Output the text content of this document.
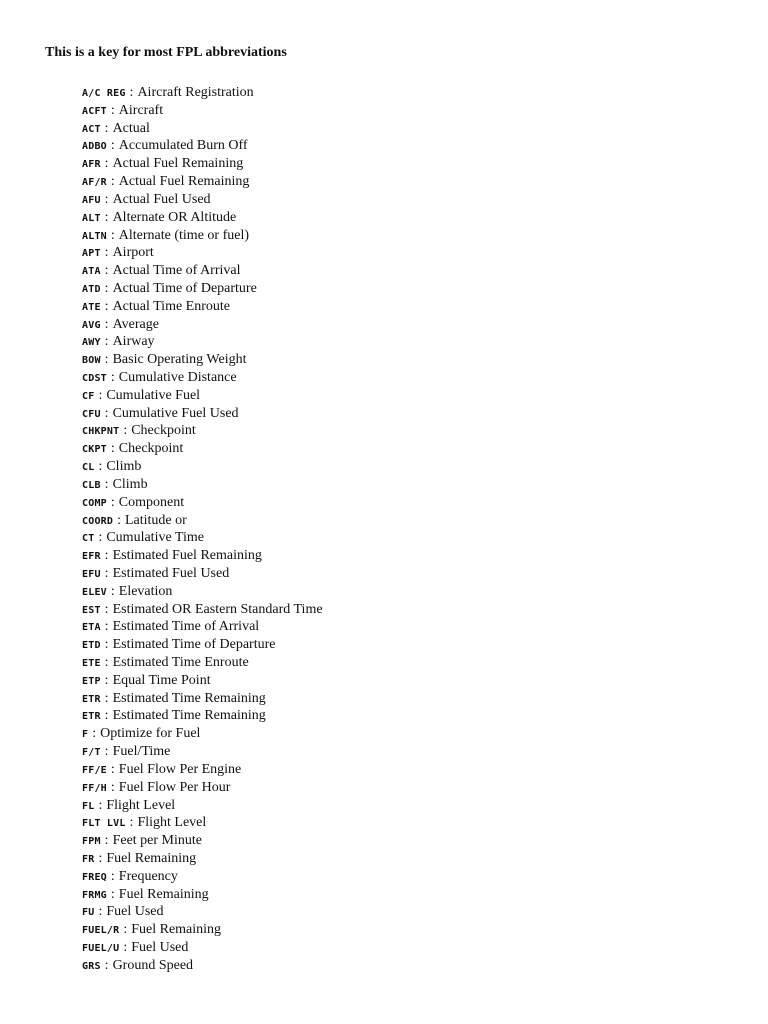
This is a key for most FPL abbreviations
A/C REG : Aircraft Registration
ACFT : Aircraft
ACT : Actual
ADBO : Accumulated Burn Off
AFR : Actual Fuel Remaining
AF/R : Actual Fuel Remaining
AFU : Actual Fuel Used
ALT : Alternate OR Altitude
ALTN : Alternate (time or fuel)
APT : Airport
ATA : Actual Time of Arrival
ATD : Actual Time of Departure
ATE : Actual Time Enroute
AVG : Average
AWY : Airway
BOW : Basic Operating Weight
CDST : Cumulative Distance
CF : Cumulative Fuel
CFU : Cumulative Fuel Used
CHKPNT : Checkpoint
CKPT : Checkpoint
CL : Climb
CLB : Climb
COMP : Component
COORD : Latitude or
CT : Cumulative Time
EFR : Estimated Fuel Remaining
EFU : Estimated Fuel Used
ELEV : Elevation
EST : Estimated OR Eastern Standard Time
ETA : Estimated Time of Arrival
ETD : Estimated Time of Departure
ETE : Estimated Time Enroute
ETP : Equal Time Point
ETR : Estimated Time Remaining
ETR : Estimated Time Remaining
F : Optimize for Fuel
F/T : Fuel/Time
FF/E : Fuel Flow Per Engine
FF/H : Fuel Flow Per Hour
FL : Flight Level
FLT LVL : Flight Level
FPM : Feet per Minute
FR : Fuel Remaining
FREQ : Frequency
FRMG : Fuel Remaining
FU : Fuel Used
FUEL/R : Fuel Remaining
FUEL/U : Fuel Used
GRS : Ground Speed
